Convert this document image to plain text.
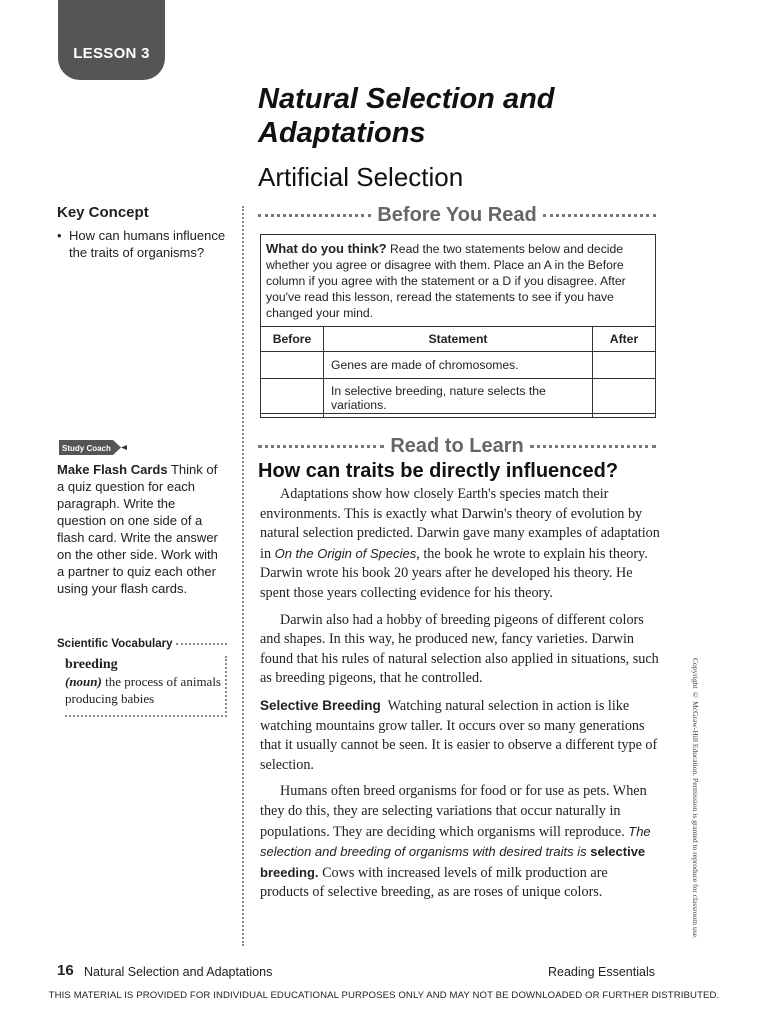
LESSON 3
Natural Selection and Adaptations
Artificial Selection
Key Concept
• How can humans influence the traits of organisms?
Before You Read
What do you think? Read the two statements below and decide whether you agree or disagree with them. Place an A in the Before column if you agree with the statement or a D if you disagree. After you've read this lesson, reread the statements to see if you have changed your mind.
Before	Statement	After
	Genes are made of chromosomes.	
	In selective breeding, nature selects the variations.	
Study Coach
Make Flash Cards Think of a quiz question for each paragraph. Write the question on one side of a flash card. Write the answer on the other side. Work with a partner to quiz each other using your flash cards.
Scientific Vocabulary
breeding
(noun) the process of animals producing babies
Read to Learn
How can traits be directly influenced?

Adaptations show how closely Earth's species match their environments. This is exactly what Darwin's theory of evolution by natural selection predicted. Darwin gave many examples of adaptation in On the Origin of Species, the book he wrote to explain his theory. Darwin wrote his book 20 years after he developed his theory. He spent those years collecting evidence for his theory.

Darwin also had a hobby of breeding pigeons of different colors and shapes. In this way, he produced new, fancy varieties. Darwin found that his rules of natural selection also applied in situations, such as breeding pigeons, that he controlled.

Selective Breeding Watching natural selection in action is like watching mountains grow taller. It occurs over so many generations that it usually cannot be seen. It is easier to observe a different type of selection.

Humans often breed organisms for food or for use as pets. When they do this, they are selecting variations that occur naturally in populations. They are deciding which organisms will reproduce. The selection and breeding of organisms with desired traits is selective breeding. Cows with increased levels of milk production are products of selective breeding, as are roses of unique colors.	Copyright © McGraw-Hill Education. Permission is granted to reproduce for classroom use.
16 Natural Selection and Adaptations	Reading Essentials
THIS MATERIAL IS PROVIDED FOR INDIVIDUAL EDUCATIONAL PURPOSES ONLY AND MAY NOT BE DOWNLOADED OR FURTHER DISTRIBUTED.
